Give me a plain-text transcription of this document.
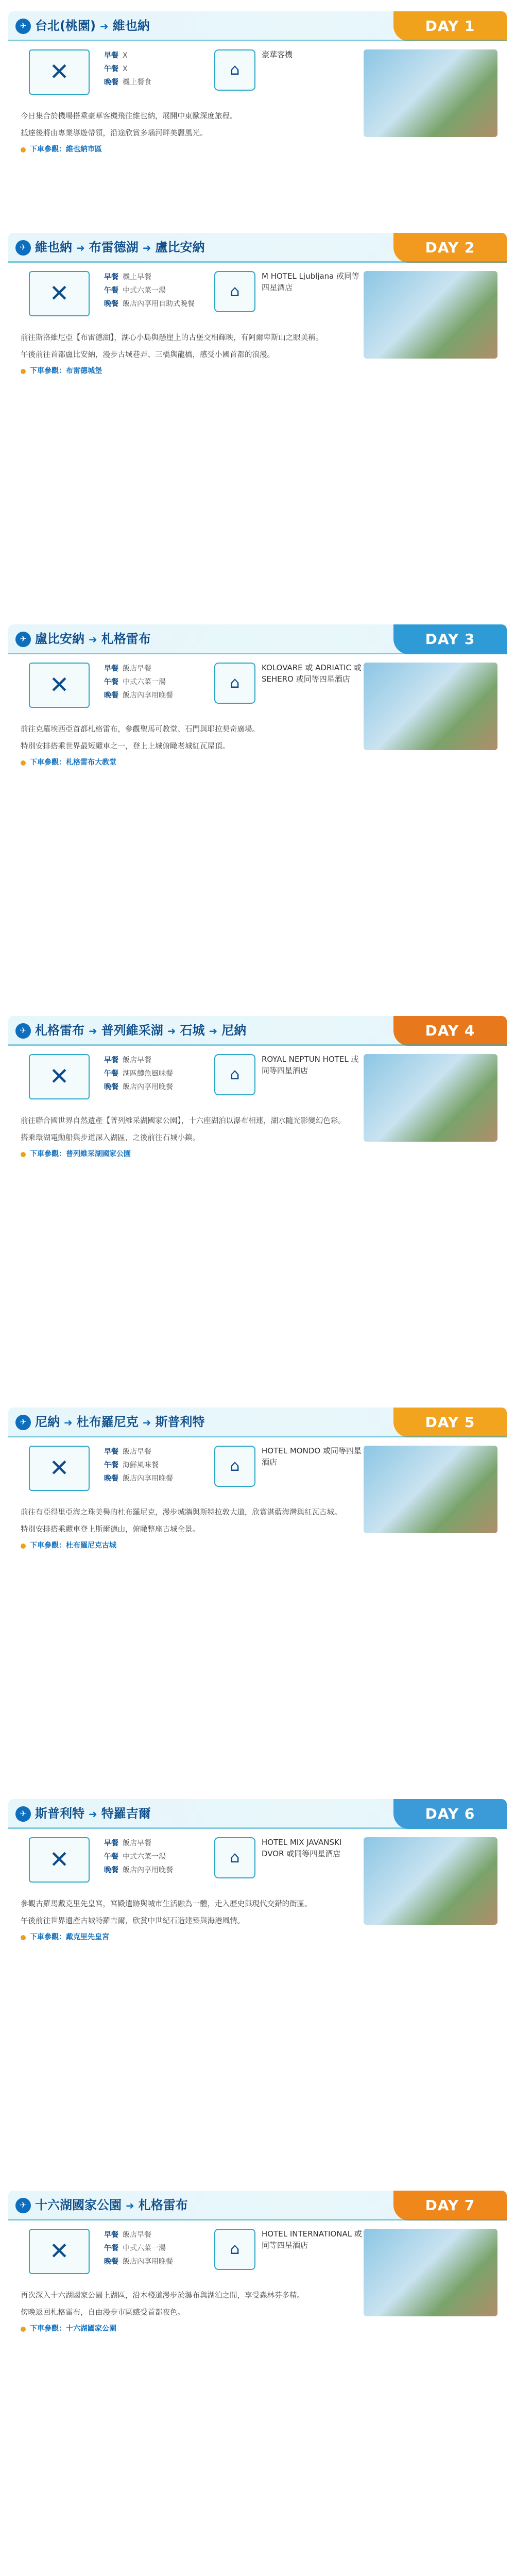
✈ 台北(桃園) ➜ 維也納	DAY 1
✕
早餐 X
午餐 X
晚餐 機上餐食
⌂
豪華客機

今日集合於機場搭乘豪華客機飛往維也納，展開中東歐深度旅程。

抵達後將由專業導遊帶領，沿途欣賞多瑙河畔美麗風光。

下車參觀：維也納市區
✈ 維也納 ➜ 布雷德湖 ➜ 盧比安納	DAY 2
✕
早餐 機上早餐
午餐 中式六菜一湯
晚餐 飯店內享用自助式晚餐
⌂
M HOTEL Ljubljana 或同等四星酒店

前往斯洛維尼亞【布雷德湖】，湖心小島與懸崖上的古堡交相輝映，有阿爾卑斯山之眼美稱。

午後前往首都盧比安納，漫步古城巷弄、三橋與龍橋，感受小國首都的浪漫。

下車參觀：布雷德城堡
✈ 盧比安納 ➜ 札格雷布	DAY 3
✕
早餐 飯店早餐
午餐 中式六菜一湯
晚餐 飯店內享用晚餐
⌂
KOLOVARE 或 ADRIATIC 或 SEHERO 或同等四星酒店

前往克羅埃西亞首都札格雷布，參觀聖馬可教堂、石門與耶拉契奇廣場。

特別安排搭乘世界最短纜車之一，登上上城俯瞰老城紅瓦屋頂。

下車參觀：札格雷布大教堂
✈ 札格雷布 ➜ 普列維采湖 ➜ 石城 ➜ 尼納	DAY 4
✕
早餐 飯店早餐
午餐 湖區鱒魚風味餐
晚餐 飯店內享用晚餐
⌂
ROYAL NEPTUN HOTEL 或同等四星酒店

前往聯合國世界自然遺產【普列維采湖國家公園】，十六座湖泊以瀑布相連，湖水隨光影變幻色彩。

搭乘環湖電動船與步道深入湖區，之後前往石城小鎮。

下車參觀：普列維采湖國家公園
✈ 尼納 ➜ 杜布羅尼克 ➜ 斯普利特	DAY 5
✕
早餐 飯店早餐
午餐 海鮮風味餐
晚餐 飯店內享用晚餐
⌂
HOTEL MONDO 或同等四星酒店

前往有亞得里亞海之珠美譽的杜布羅尼克，漫步城牆與斯特拉敦大道，欣賞湛藍海灣與紅瓦古城。

特別安排搭乘纜車登上斯爾德山，俯瞰整座古城全景。

下車參觀：杜布羅尼克古城
✈ 斯普利特 ➜ 特羅吉爾	DAY 6
✕
早餐 飯店早餐
午餐 中式六菜一湯
晚餐 飯店內享用晚餐
⌂
HOTEL MIX JAVANSKI DVOR 或同等四星酒店

參觀古羅馬戴克里先皇宮，宮殿遺跡與城市生活融為一體，走入歷史與現代交錯的街區。

午後前往世界遺產古城特羅吉爾，欣賞中世紀石造建築與海港風情。

下車參觀：戴克里先皇宮
✈ 十六湖國家公園 ➜ 札格雷布	DAY 7
✕
早餐 飯店早餐
午餐 中式六菜一湯
晚餐 飯店內享用晚餐
⌂
HOTEL INTERNATIONAL 或同等四星酒店

再次深入十六湖國家公園上湖區，沿木棧道漫步於瀑布與湖泊之間，享受森林芬多精。

傍晚返回札格雷布，自由漫步市區感受首都夜色。

下車參觀：十六湖國家公園
